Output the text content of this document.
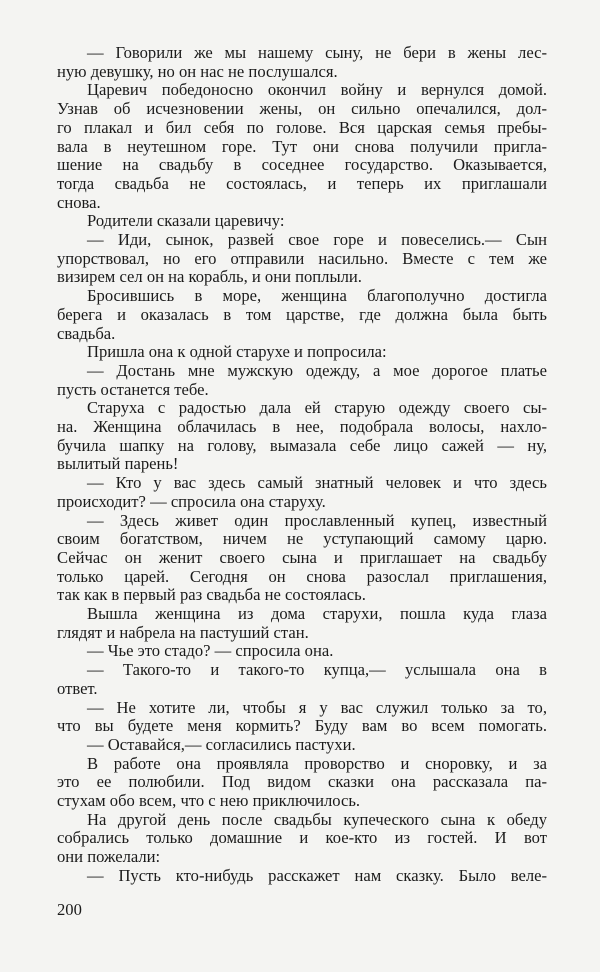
— Говорили же мы нашему сыну, не бери в жены лес-
ную девушку, но он нас не послушался.
Царевич победоносно окончил войну и вернулся домой.
Узнав об исчезновении жены, он сильно опечалился, дол-
го плакал и бил себя по голове. Вся царская семья пребы-
вала в неутешном горе. Тут они снова получили пригла-
шение на свадьбу в соседнее государство. Оказывается,
тогда свадьба не состоялась, и теперь их приглашали
снова.
Родители сказали царевичу:
— Иди, сынок, развей свое горе и повеселись.— Сын
упорствовал, но его отправили насильно. Вместе с тем же
визирем сел он на корабль, и они поплыли.
Бросившись в море, женщина благополучно достигла
берега и оказалась в том царстве, где должна была быть
свадьба.
Пришла она к одной старухе и попросила:
— Достань мне мужскую одежду, а мое дорогое платье
пусть останется тебе.
Старуха с радостью дала ей старую одежду своего сы-
на. Женщина облачилась в нее, подобрала волосы, нахло-
бучила шапку на голову, вымазала себе лицо сажей — ну,
вылитый парень!
— Кто у вас здесь самый знатный человек и что здесь
происходит? — спросила она старуху.
— Здесь живет один прославленный купец, известный
своим богатством, ничем не уступающий самому царю.
Сейчас он женит своего сына и приглашает на свадьбу
только царей. Сегодня он снова разослал приглашения,
так как в первый раз свадьба не состоялась.
Вышла женщина из дома старухи, пошла куда глаза
глядят и набрела на пастуший стан.
— Чье это стадо? — спросила она.
— Такого-то и такого-то купца,— услышала она в
ответ.
— Не хотите ли, чтобы я у вас служил только за то,
что вы будете меня кормить? Буду вам во всем помогать.
— Оставайся,— согласились пастухи.
В работе она проявляла проворство и сноровку, и за
это ее полюбили. Под видом сказки она рассказала па-
стухам обо всем, что с нею приключилось.
На другой день после свадьбы купеческого сына к обеду
собрались только домашние и кое-кто из гостей. И вот
они пожелали:
— Пусть кто-нибудь расскажет нам сказку. Было веле-
200
